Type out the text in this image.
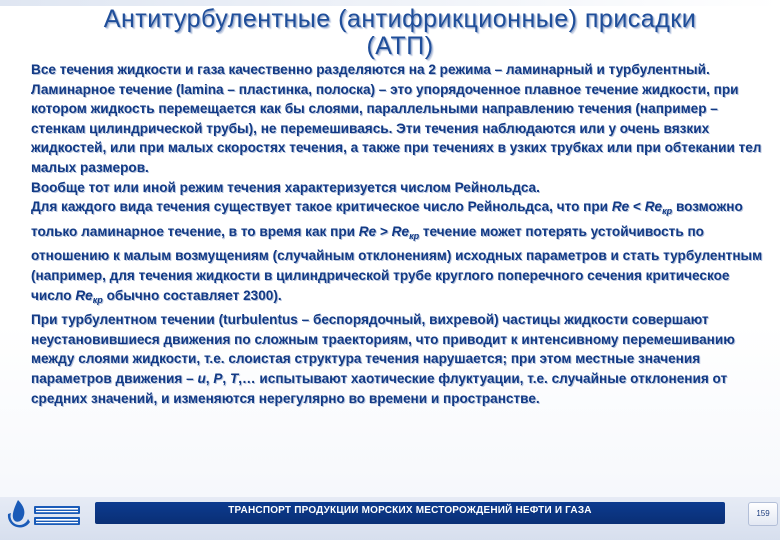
Антитурбулентные (антифрикционные) присадки
(АТП)

Все течения жидкости и газа качественно разделяются на 2 режима – ламинарный и турбулентный.

Ламинарное течение (lamina – пластинка, полоска) – это упорядоченное плавное течение жидкости, при котором жидкость перемещается как бы слоями, параллельными направлению течения (например – стенкам цилиндрической трубы), не перемешиваясь. Эти течения наблюдаются или у очень вязких жидкостей, или при малых скоростях течения, а также при течениях в узких трубках или при обтекании тел малых размеров.

Вообще тот или иной режим течения характеризуется числом Рейнольдса.

Для каждого вида течения существует такое критическое число Рейнольдса, что при $Re < Re_{кр}$ возможно только ламинарное течение, в то время как при $Re > Re_{кр}$ течение может потерять устойчивость по отношению к малым возмущениям (случайным отклонениям) исходных параметров и стать турбулентным (например, для течения жидкости в цилиндрической трубе круглого поперечного сечения критическое число $Re_{кр}$ обычно составляет 2300).

При турбулентном течении (turbulentus – беспорядочный, вихревой) частицы жидкости совершают неустановившиеся движения по сложным траекториям, что приводит к интенсивному перемешиванию между слоями жидкости, т.е. слоистая структура течения нарушается; при этом местные значения параметров движения – u, P, T,… испытывают хаотические флуктуации, т.е. случайные отклонения от средних значений, и изменяются нерегулярно во времени и пространстве.

ТРАНСПОРТ ПРОДУКЦИИ МОРСКИХ МЕСТОРОЖДЕНИЙ НЕФТИ И ГАЗА	159
